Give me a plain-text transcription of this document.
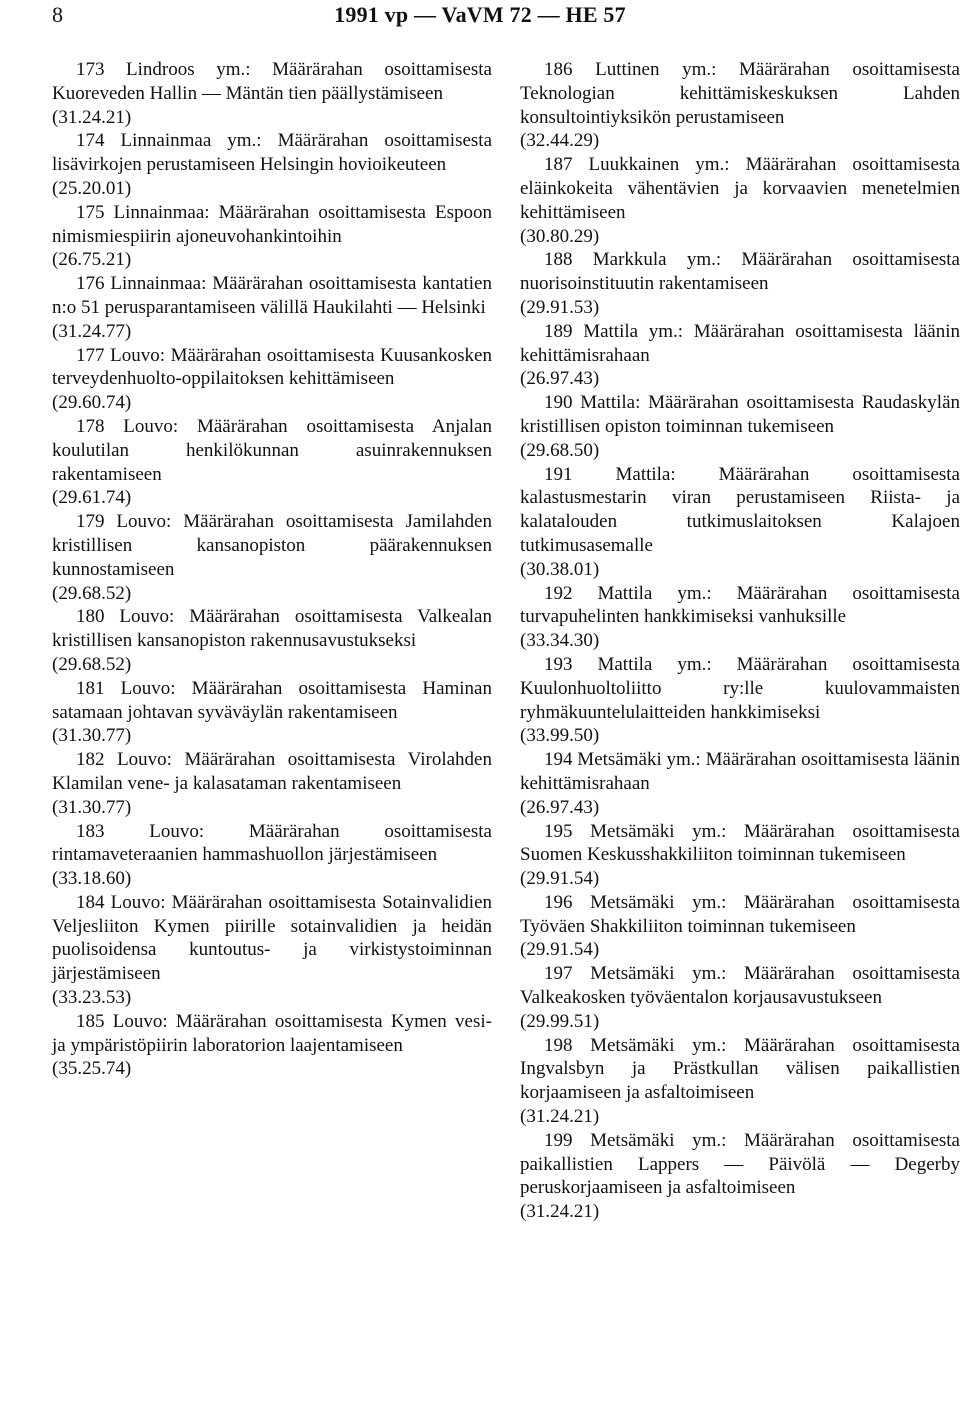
8	1991 vp — VaVM 72 — HE 57

173 Lindroos ym.: Määrärahan osoittamisesta Kuoreveden Hallin — Mäntän tien päällystämiseen

(31.24.21)

174 Linnainmaa ym.: Määrärahan osoittamisesta lisävirkojen perustamiseen Helsingin hovioikeuteen

(25.20.01)

175 Linnainmaa: Määrärahan osoittamisesta Espoon nimismiespiirin ajoneuvohankintoihin

(26.75.21)

176 Linnainmaa: Määrärahan osoittamisesta kantatien n:o 51 perusparantamiseen välillä Haukilahti — Helsinki

(31.24.77)

177 Louvo: Määrärahan osoittamisesta Kuusankosken terveydenhuolto-oppilaitoksen kehittämiseen

(29.60.74)

178 Louvo: Määrärahan osoittamisesta Anjalan koulutilan henkilökunnan asuinrakennuksen rakentamiseen

(29.61.74)

179 Louvo: Määrärahan osoittamisesta Jamilahden kristillisen kansanopiston päärakennuksen kunnostamiseen

(29.68.52)

180 Louvo: Määrärahan osoittamisesta Valkealan kristillisen kansanopiston rakennusavustukseksi

(29.68.52)

181 Louvo: Määrärahan osoittamisesta Haminan satamaan johtavan syväväylän rakentamiseen

(31.30.77)

182 Louvo: Määrärahan osoittamisesta Virolahden Klamilan vene- ja kalasataman rakentamiseen

(31.30.77)

183 Louvo: Määrärahan osoittamisesta rintamaveteraanien hammashuollon järjestämiseen

(33.18.60)

184 Louvo: Määrärahan osoittamisesta Sotainvalidien Veljesliiton Kymen piirille sotainvalidien ja heidän puolisoidensa kuntoutus- ja virkistystoiminnan järjestämiseen

(33.23.53)

185 Louvo: Määrärahan osoittamisesta Kymen vesi- ja ympäristöpiirin laboratorion laajentamiseen

(35.25.74)

186 Luttinen ym.: Määrärahan osoittamisesta Teknologian kehittämiskeskuksen Lahden konsultointiyksikön perustamiseen

(32.44.29)

187 Luukkainen ym.: Määrärahan osoittamisesta eläinkokeita vähentävien ja korvaavien menetelmien kehittämiseen

(30.80.29)

188 Markkula ym.: Määrärahan osoittamisesta nuorisoinstituutin rakentamiseen

(29.91.53)

189 Mattila ym.: Määrärahan osoittamisesta läänin kehittämisrahaan

(26.97.43)

190 Mattila: Määrärahan osoittamisesta Raudaskylän kristillisen opiston toiminnan tukemiseen

(29.68.50)

191 Mattila: Määrärahan osoittamisesta kalastusmestarin viran perustamiseen Riista- ja kalatalouden tutkimuslaitoksen Kalajoen tutkimusasemalle

(30.38.01)

192 Mattila ym.: Määrärahan osoittamisesta turvapuhelinten hankkimiseksi vanhuksille

(33.34.30)

193 Mattila ym.: Määrärahan osoittamisesta Kuulonhuoltoliitto ry:lle kuulovammaisten ryhmäkuuntelulaitteiden hankkimiseksi

(33.99.50)

194 Metsämäki ym.: Määrärahan osoittamisesta läänin kehittämisrahaan

(26.97.43)

195 Metsämäki ym.: Määrärahan osoittamisesta Suomen Keskusshakkiliiton toiminnan tukemiseen

(29.91.54)

196 Metsämäki ym.: Määrärahan osoittamisesta Työväen Shakkiliiton toiminnan tukemiseen

(29.91.54)

197 Metsämäki ym.: Määrärahan osoittamisesta Valkeakosken työväentalon korjausavustukseen

(29.99.51)

198 Metsämäki ym.: Määrärahan osoittamisesta Ingvalsbyn ja Prästkullan välisen paikallistien korjaamiseen ja asfaltoimiseen

(31.24.21)

199 Metsämäki ym.: Määrärahan osoittamisesta paikallistien Lappers — Päivölä — Degerby peruskorjaamiseen ja asfaltoimiseen

(31.24.21)
